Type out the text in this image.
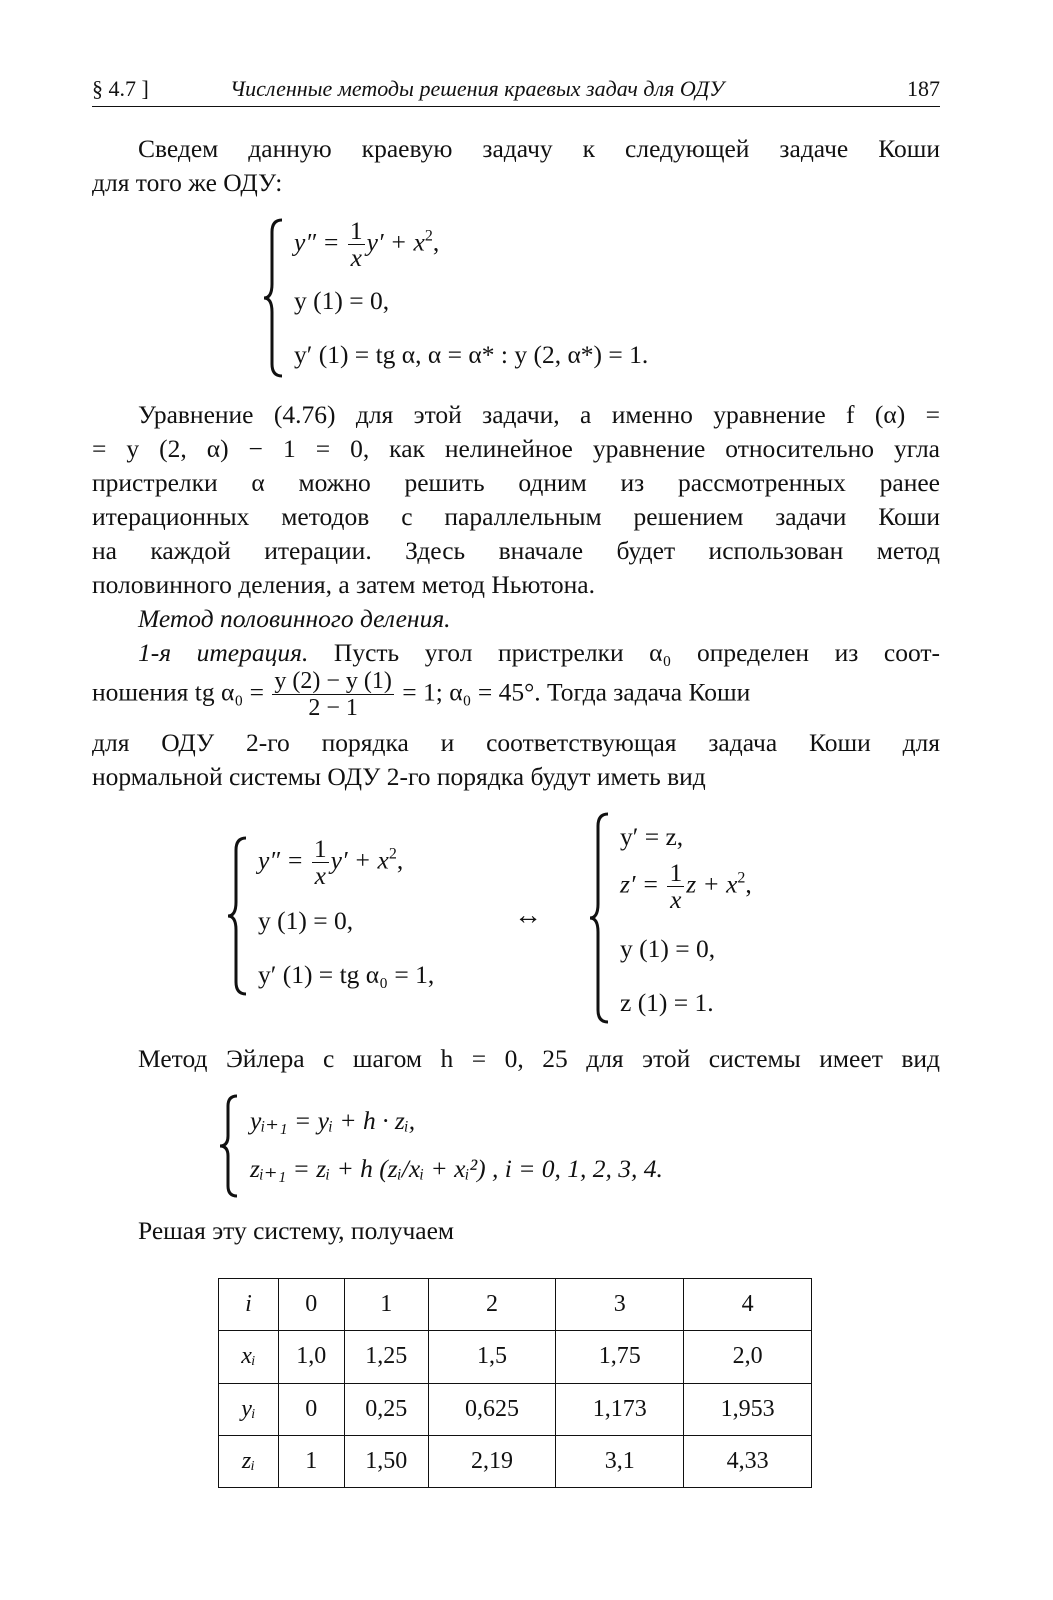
§ 4.7 ]	Численные методы решения краевых задач для ОДУ	187
Сведем данную краевую задачу к следующей задаче Коши
для того же ОДУ:
$y'' = \frac{1}{x} y' + x^2$,
y (1) = 0,
y′ (1) = tg α, α = α* : y (2, α*) = 1.
Уравнение (4.76) для этой задачи, а именно уравнение f (α) =
= y (2, α) − 1 = 0, как нелинейное уравнение относительно угла
пристрелки α можно решить одним из рассмотренных ранее
итерационных методов с параллельным решением задачи Коши
на каждой итерации. Здесь вначале будет использован метод
половинного деления, а затем метод Ньютона.
Метод половинного деления.
1-я итерация. Пусть угол пристрелки α₀ определен из соот-
ношения tg $\alpha_0 = \frac{y (2) - y (1)}{2 - 1} = 1$; α₀ = 45°. Тогда задача Коши
для ОДУ 2-го порядка и соответствующая задача Коши для
нормальной системы ОДУ 2-го порядка будут иметь вид
$y'' = \frac{1}{x} y' + x^2$,
y (1) = 0,
y′ (1) = tg α₀ = 1,
↔
y′ = z,
$z' = \frac{1}{x}$ $z + x^2$,
y (1) = 0,
z (1) = 1.
Метод Эйлера с шагом h = 0, 25 для этой системы имеет вид
yᵢ₊₁ = yᵢ + h · zᵢ,
zᵢ₊₁ = zᵢ + h (zᵢ/xᵢ + xᵢ²) , i = 0, 1, 2, 3, 4.
Решая эту систему, получаем
i	0	1	2	3	4
xᵢ	1,0	1,25	1,5	1,75	2,0
yᵢ	0	0,25	0,625	1,173	1,953
zᵢ	1	1,50	2,19	3,1	4,33
